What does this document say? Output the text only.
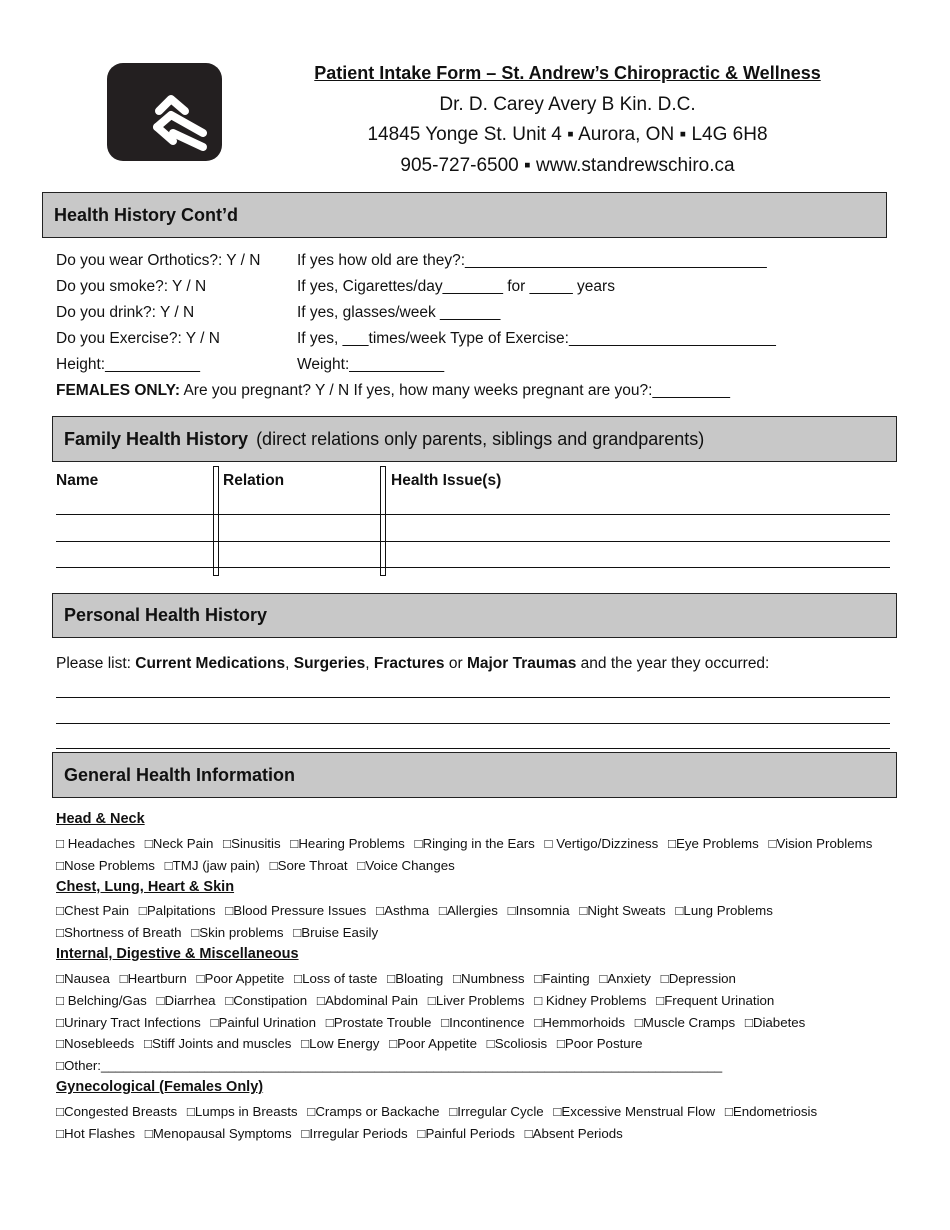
Patient Intake Form – St. Andrew’s Chiropractic & Wellness
Dr. D. Carey Avery B Kin. D.C.
14845 Yonge St. Unit 4 ▪ Aurora, ON ▪ L4G 6H8
905-727-6500 ▪ www.standrewschiro.ca
Health History Cont’d
Do you wear Orthotics?: Y / N If yes how old are they?:___________________________________
Do you smoke?: Y / N	If yes, Cigarettes/day_______ for _____ years
Do you drink?: Y / N	If yes, glasses/week _______
Do you Exercise?: Y / N	If yes, ___times/week Type of Exercise:________________________
Height:___________	Weight:___________
FEMALES ONLY: Are you pregnant? Y / N If yes, how many weeks pregnant are you?:_________
Family Health History (direct relations only parents, siblings and grandparents)
Name	Relation	Health Issue(s)
Personal Health History
Please list: Current Medications, Surgeries, Fractures or Major Traumas and the year they occurred:
General Health Information
Head & Neck
□ Headaches □Neck Pain □Sinusitis □Hearing Problems □Ringing in the Ears □ Vertigo/Dizziness □Eye Problems □Vision Problems
□Nose Problems □TMJ (jaw pain) □Sore Throat □Voice Changes
Chest, Lung, Heart & Skin
□Chest Pain □Palpitations □Blood Pressure Issues □Asthma □Allergies □Insomnia □Night Sweats □Lung Problems
□Shortness of Breath □Skin problems □Bruise Easily
Internal, Digestive & Miscellaneous
□Nausea □Heartburn □Poor Appetite □Loss of taste □Bloating □Numbness □Fainting □Anxiety □Depression
□ Belching/Gas □Diarrhea □Constipation □Abdominal Pain □Liver Problems □ Kidney Problems □Frequent Urination
□Urinary Tract Infections □Painful Urination □Prostate Trouble □Incontinence □Hemmorhoids □Muscle Cramps □Diabetes
□Nosebleeds □Stiff Joints and muscles □Low Energy □Poor Appetite □Scoliosis □Poor Posture
□Other:____________________________________________________________________________________
Gynecological (Females Only)
□Congested Breasts □Lumps in Breasts □Cramps or Backache □Irregular Cycle □Excessive Menstrual Flow □Endometriosis
□Hot Flashes □Menopausal Symptoms □Irregular Periods □Painful Periods □Absent Periods
